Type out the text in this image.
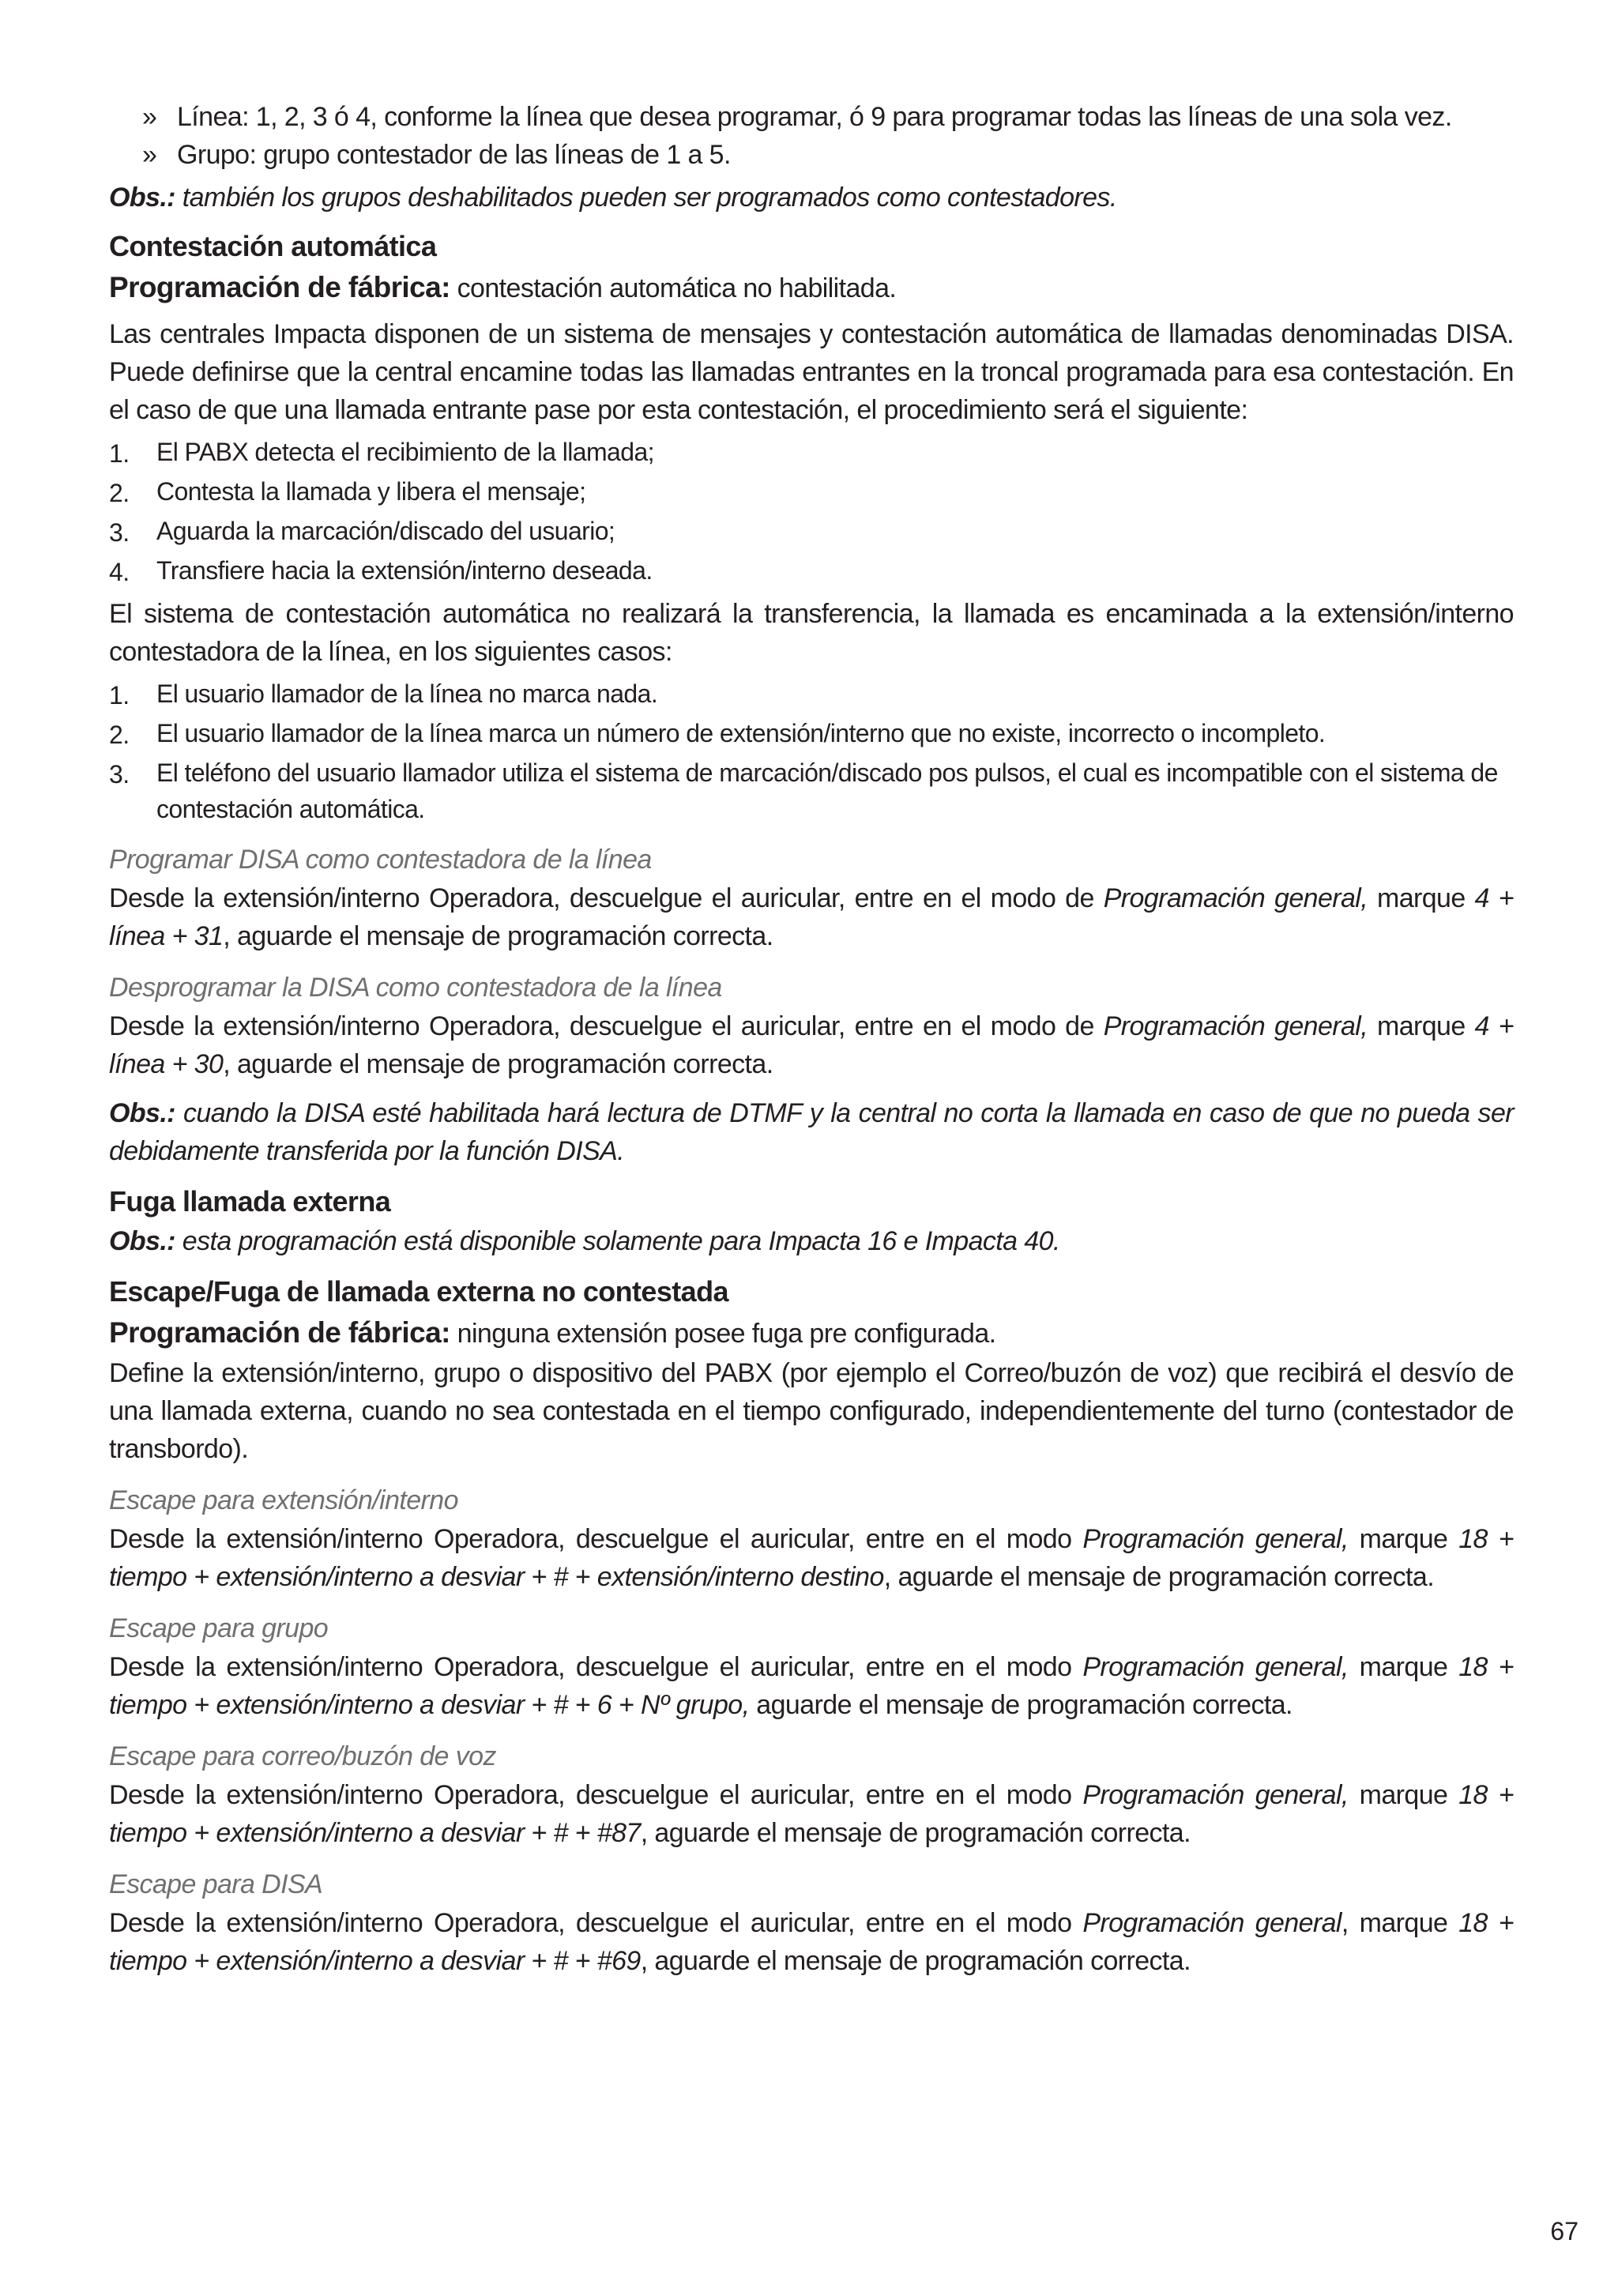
» Línea: 1, 2, 3 ó 4, conforme la línea que desea programar, ó 9 para programar todas las líneas de una sola vez.
» Grupo: grupo contestador de las líneas de 1 a 5.

Obs.: también los grupos deshabilitados pueden ser programados como contestadores.

Contestación automática

Programación de fábrica: contestación automática no habilitada.

Las centrales Impacta disponen de un sistema de mensajes y contestación automática de llamadas denominadas DISA. Puede definirse que la central encamine todas las llamadas entrantes en la troncal programada para esa contestación. En el caso de que una llamada entrante pase por esta contestación, el procedimiento será el siguiente:

1.	El PABX detecta el recibimiento de la llamada;
2.	Contesta la llamada y libera el mensaje;
3.	Aguarda la marcación/discado del usuario;
4.	Transfiere hacia la extensión/interno deseada.

El sistema de contestación automática no realizará la transferencia, la llamada es encaminada a la extensión/interno contestadora de la línea, en los siguientes casos:

1.	El usuario llamador de la línea no marca nada.
2.	El usuario llamador de la línea marca un número de extensión/interno que no existe, incorrecto o incompleto.
3.	El teléfono del usuario llamador utiliza el sistema de marcación/discado pos pulsos, el cual es incompatible con el sistema de contestación automática.

Programar DISA como contestadora de la línea

Desde la extensión/interno Operadora, descuelgue el auricular, entre en el modo de Programación general, marque 4 + línea + 31, aguarde el mensaje de programación correcta.

Desprogramar la DISA como contestadora de la línea

Desde la extensión/interno Operadora, descuelgue el auricular, entre en el modo de Programación general, marque 4 + línea + 30, aguarde el mensaje de programación correcta.

Obs.: cuando la DISA esté habilitada hará lectura de DTMF y la central no corta la llamada en caso de que no pueda ser debidamente transferida por la función DISA.

Fuga llamada externa

Obs.: esta programación está disponible solamente para Impacta 16 e Impacta 40.

Escape/Fuga de llamada externa no contestada

Programación de fábrica: ninguna extensión posee fuga pre configurada.

Define la extensión/interno, grupo o dispositivo del PABX (por ejemplo el Correo/buzón de voz) que recibirá el desvío de una llamada externa, cuando no sea contestada en el tiempo configurado, independientemente del turno (contestador de transbordo).

Escape para extensión/interno

Desde la extensión/interno Operadora, descuelgue el auricular, entre en el modo Programación general, marque 18 + tiempo + extensión/interno a desviar + # + extensión/interno destino, aguarde el mensaje de programación correcta.

Escape para grupo

Desde la extensión/interno Operadora, descuelgue el auricular, entre en el modo Programación general, marque 18 + tiempo + extensión/interno a desviar + # + 6 + Nº grupo, aguarde el mensaje de programación correcta.

Escape para correo/buzón de voz

Desde la extensión/interno Operadora, descuelgue el auricular, entre en el modo Programación general, marque 18 + tiempo + extensión/interno a desviar + # + #87, aguarde el mensaje de programación correcta.

Escape para DISA

Desde la extensión/interno Operadora, descuelgue el auricular, entre en el modo Programación general, marque 18 + tiempo + extensión/interno a desviar + # + #69, aguarde el mensaje de programación correcta.

67
